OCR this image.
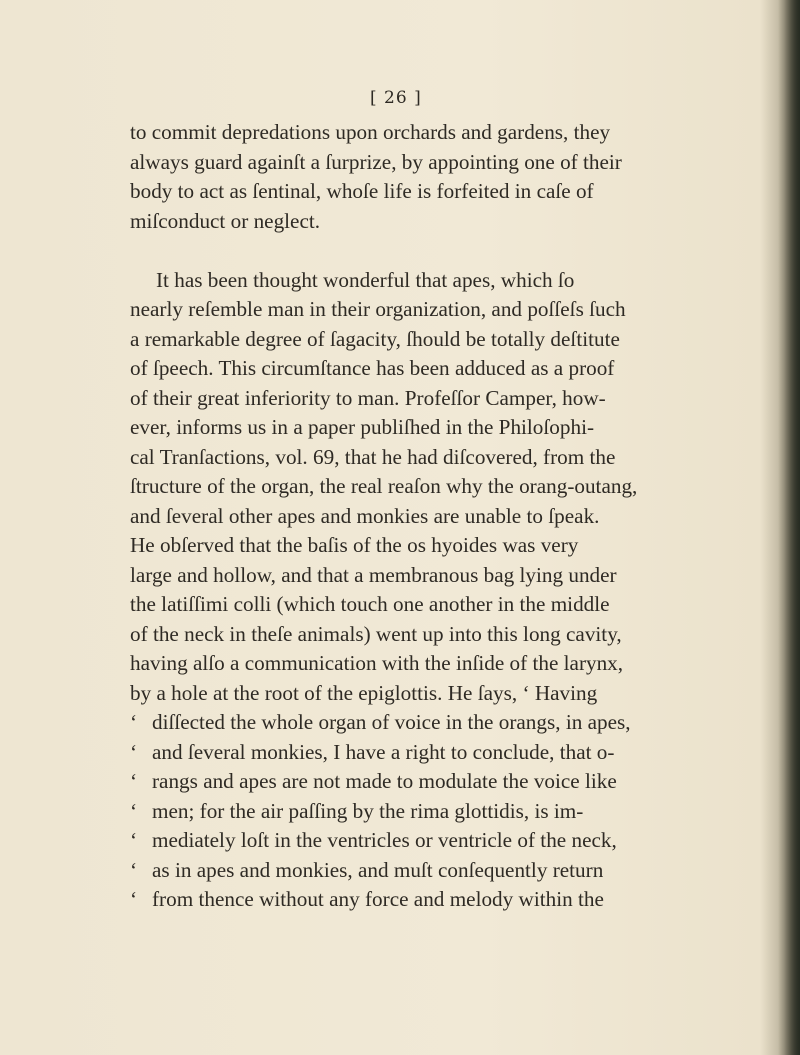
[ 26 ]

to commit depredations upon orchards and gardens, they
always guard againſt a ſurprize, by appointing one of their
body to act as ſentinal, whoſe life is forfeited in caſe of
miſconduct or neglect.

It has been thought wonderful that apes, which ſo
nearly reſemble man in their organization, and poſſeſs ſuch
a remarkable degree of ſagacity, ſhould be totally deſtitute
of ſpeech. This circumſtance has been adduced as a proof
of their great inferiority to man. Profeſſor Camper, how-
ever, informs us in a paper publiſhed in the Philoſophi-
cal Tranſactions, vol. 69, that he had diſcovered, from the
ſtructure of the organ, the real reaſon why the orang-outang,
and ſeveral other apes and monkies are unable to ſpeak.
He obſerved that the baſis of the os hyoides was very
large and hollow, and that a membranous bag lying under
the latiſſimi colli (which touch one another in the middle
of the neck in theſe animals) went up into this long cavity,
having alſo a communication with the inſide of the larynx,
by a hole at the root of the epiglottis. He ſays, ‘ Having
‘ diſſected the whole organ of voice in the orangs, in apes,
‘ and ſeveral monkies, I have a right to conclude, that o-
‘ rangs and apes are not made to modulate the voice like
‘ men; for the air paſſing by the rima glottidis, is im-
‘ mediately loſt in the ventricles or ventricle of the neck,
‘ as in apes and monkies, and muſt conſequently return
‘ from thence without any force and melody within the
